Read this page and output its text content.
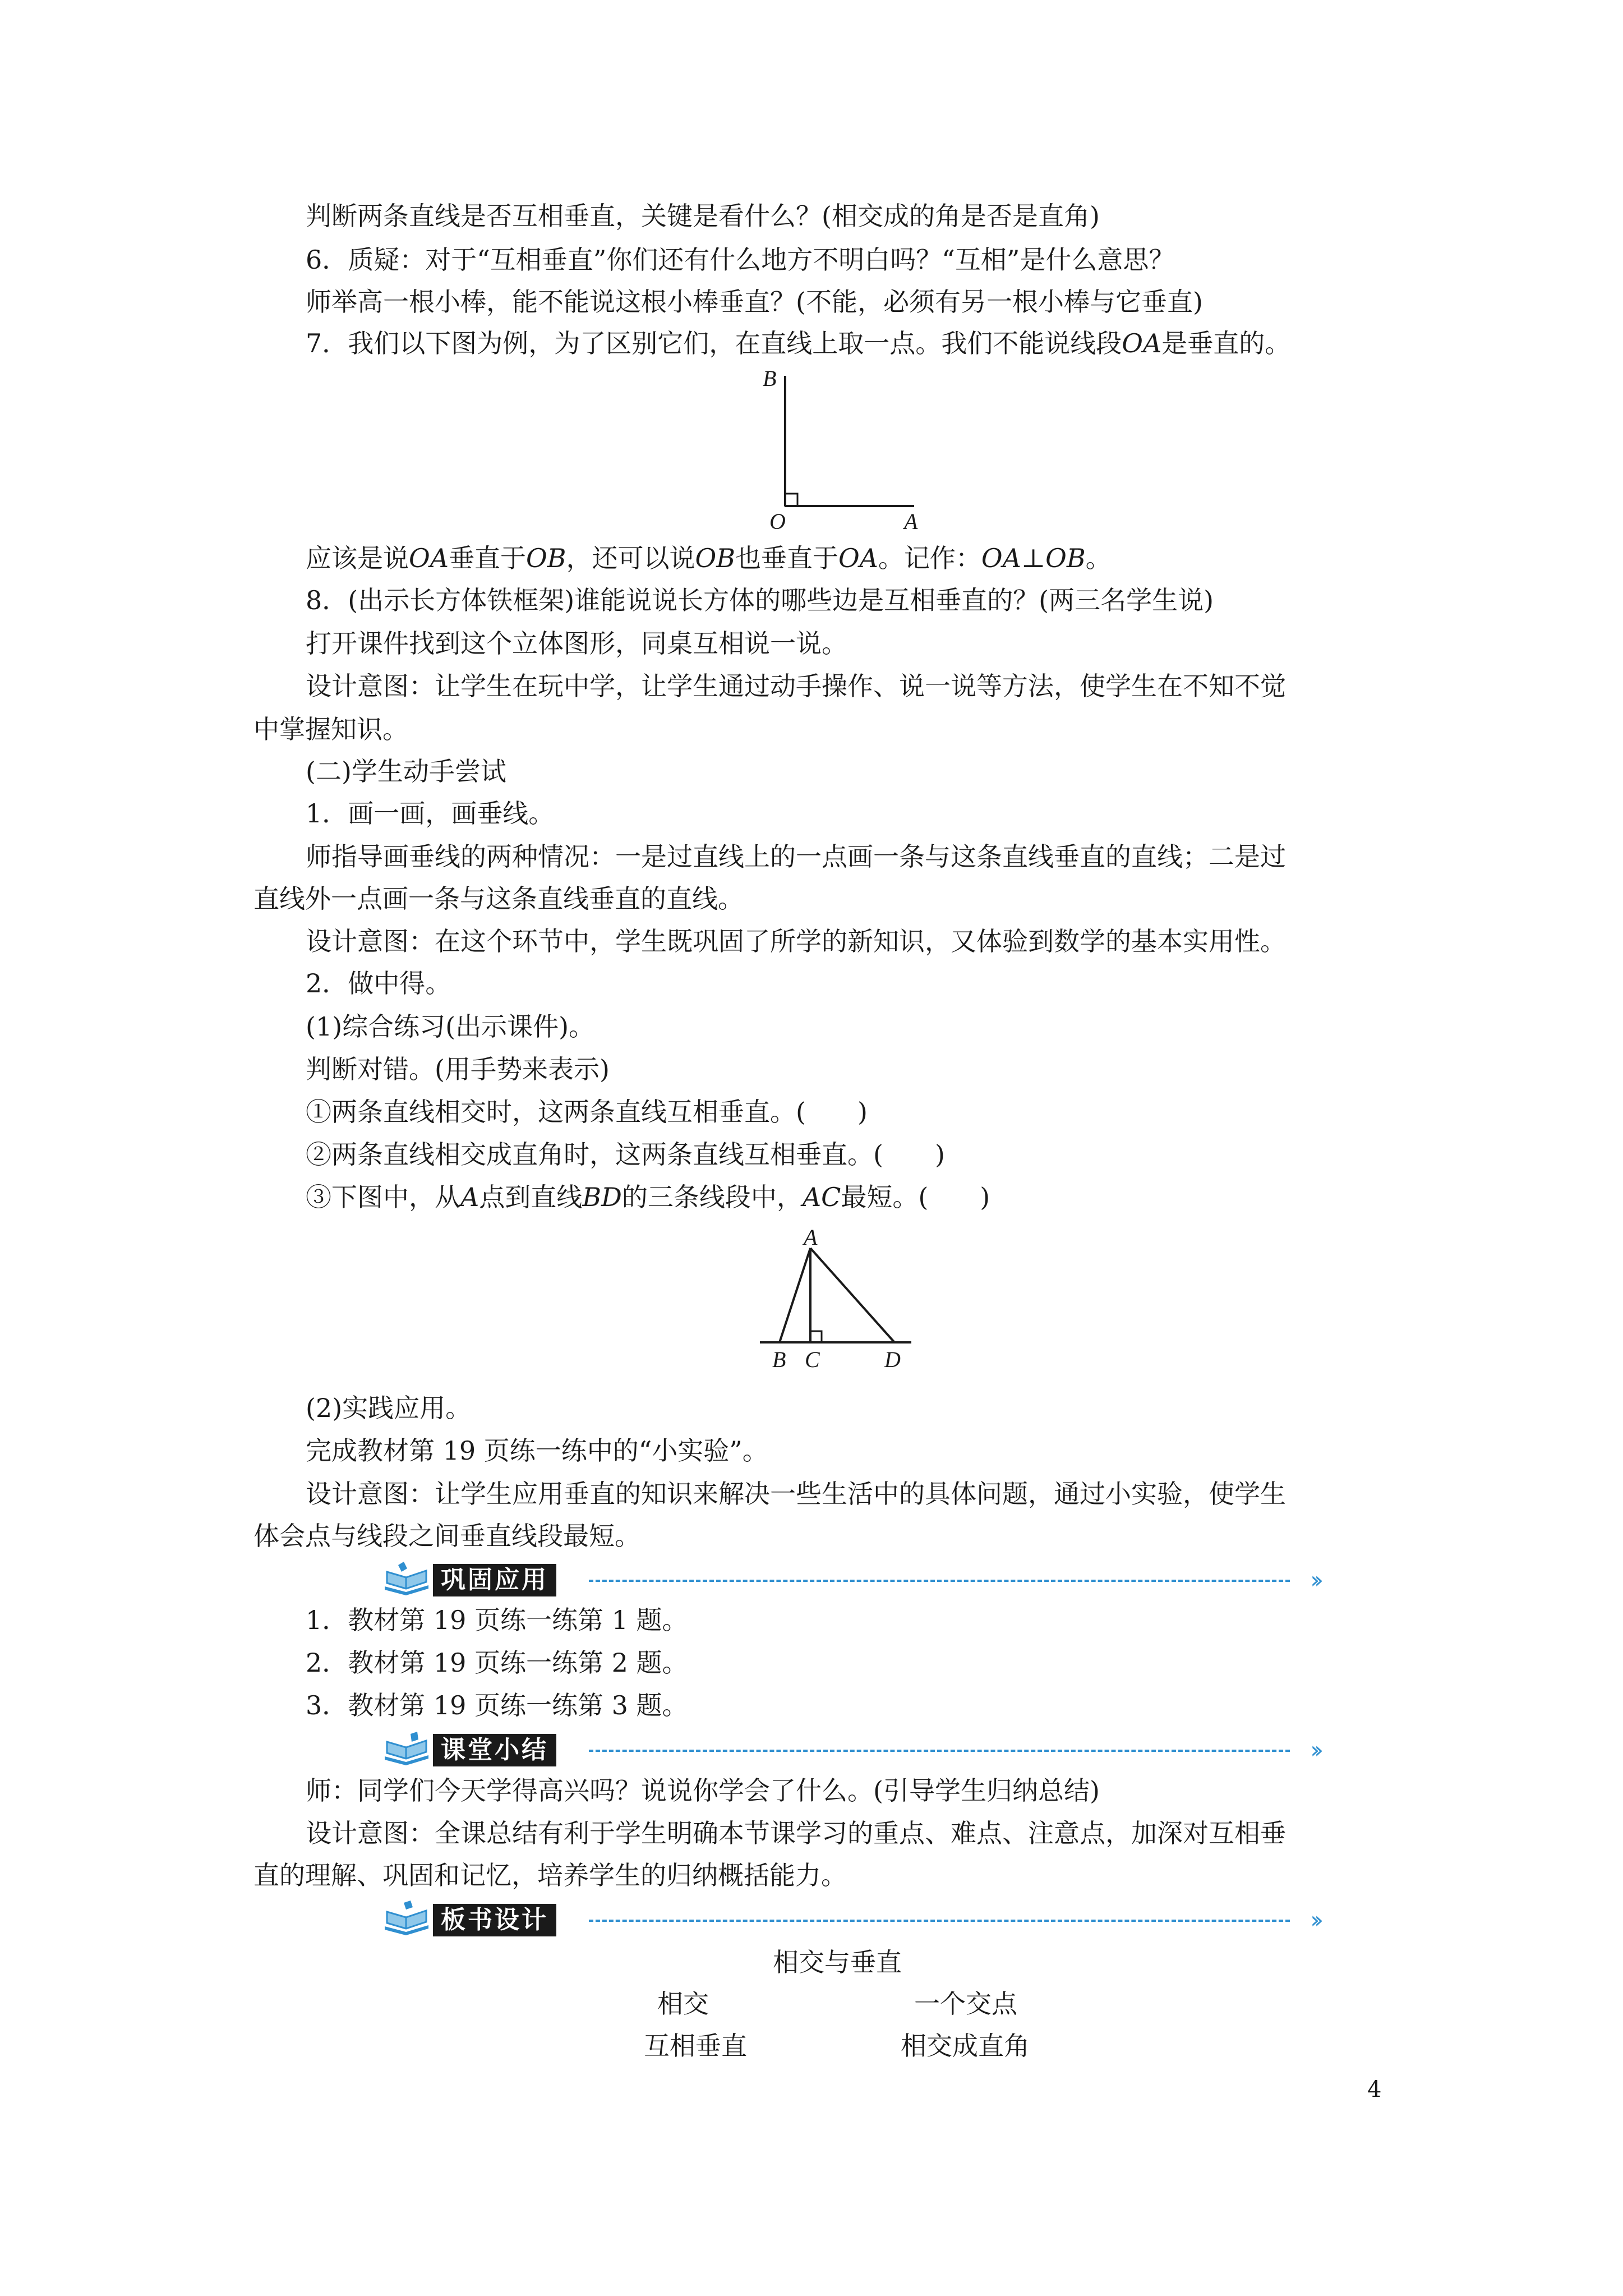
判断两条直线是否互相垂直，关键是看什么？(相交成的角是否是直角)
6．质疑：对于“互相垂直”你们还有什么地方不明白吗？“互相”是什么意思？
师举高一根小棒，能不能说这根小棒垂直？(不能，必须有另一根小棒与它垂直)
7．我们以下图为例，为了区别它们，在直线上取一点。我们不能说线段OA是垂直的。
B
O	A
应该是说OA垂直于OB，还可以说OB也垂直于OA。记作：OA⊥OB。
8．(出示长方体铁框架)谁能说说长方体的哪些边是互相垂直的？(两三名学生说)
打开课件找到这个立体图形，同桌互相说一说。
设计意图：让学生在玩中学，让学生通过动手操作、说一说等方法，使学生在不知不觉
中掌握知识。
(二)学生动手尝试
1．画一画，画垂线。
师指导画垂线的两种情况：一是过直线上的一点画一条与这条直线垂直的直线；二是过
直线外一点画一条与这条直线垂直的直线。
设计意图：在这个环节中，学生既巩固了所学的新知识，又体验到数学的基本实用性。
2．做中得。
(1)综合练习(出示课件)。
判断对错。(用手势来表示)
①两条直线相交时，这两条直线互相垂直。(　　)
②两条直线相交成直角时，这两条直线互相垂直。(　　)
③下图中，从A点到直线BD的三条线段中，AC最短。(　　)
A
B C	D
(2)实践应用。
完成教材第 19 页练一练中的“小实验”。
设计意图：让学生应用垂直的知识来解决一些生活中的具体问题，通过小实验，使学生
体会点与线段之间垂直线段最短。
巩固应用	››
1．教材第 19 页练一练第 1 题。
2．教材第 19 页练一练第 2 题。
3．教材第 19 页练一练第 3 题。
课堂小结	››
师：同学们今天学得高兴吗？说说你学会了什么。(引导学生归纳总结)
设计意图：全课总结有利于学生明确本节课学习的重点、难点、注意点，加深对互相垂
直的理解、巩固和记忆，培养学生的归纳概括能力。
板书设计	››
相交与垂直
相交	一个交点
互相垂直	相交成直角
4
